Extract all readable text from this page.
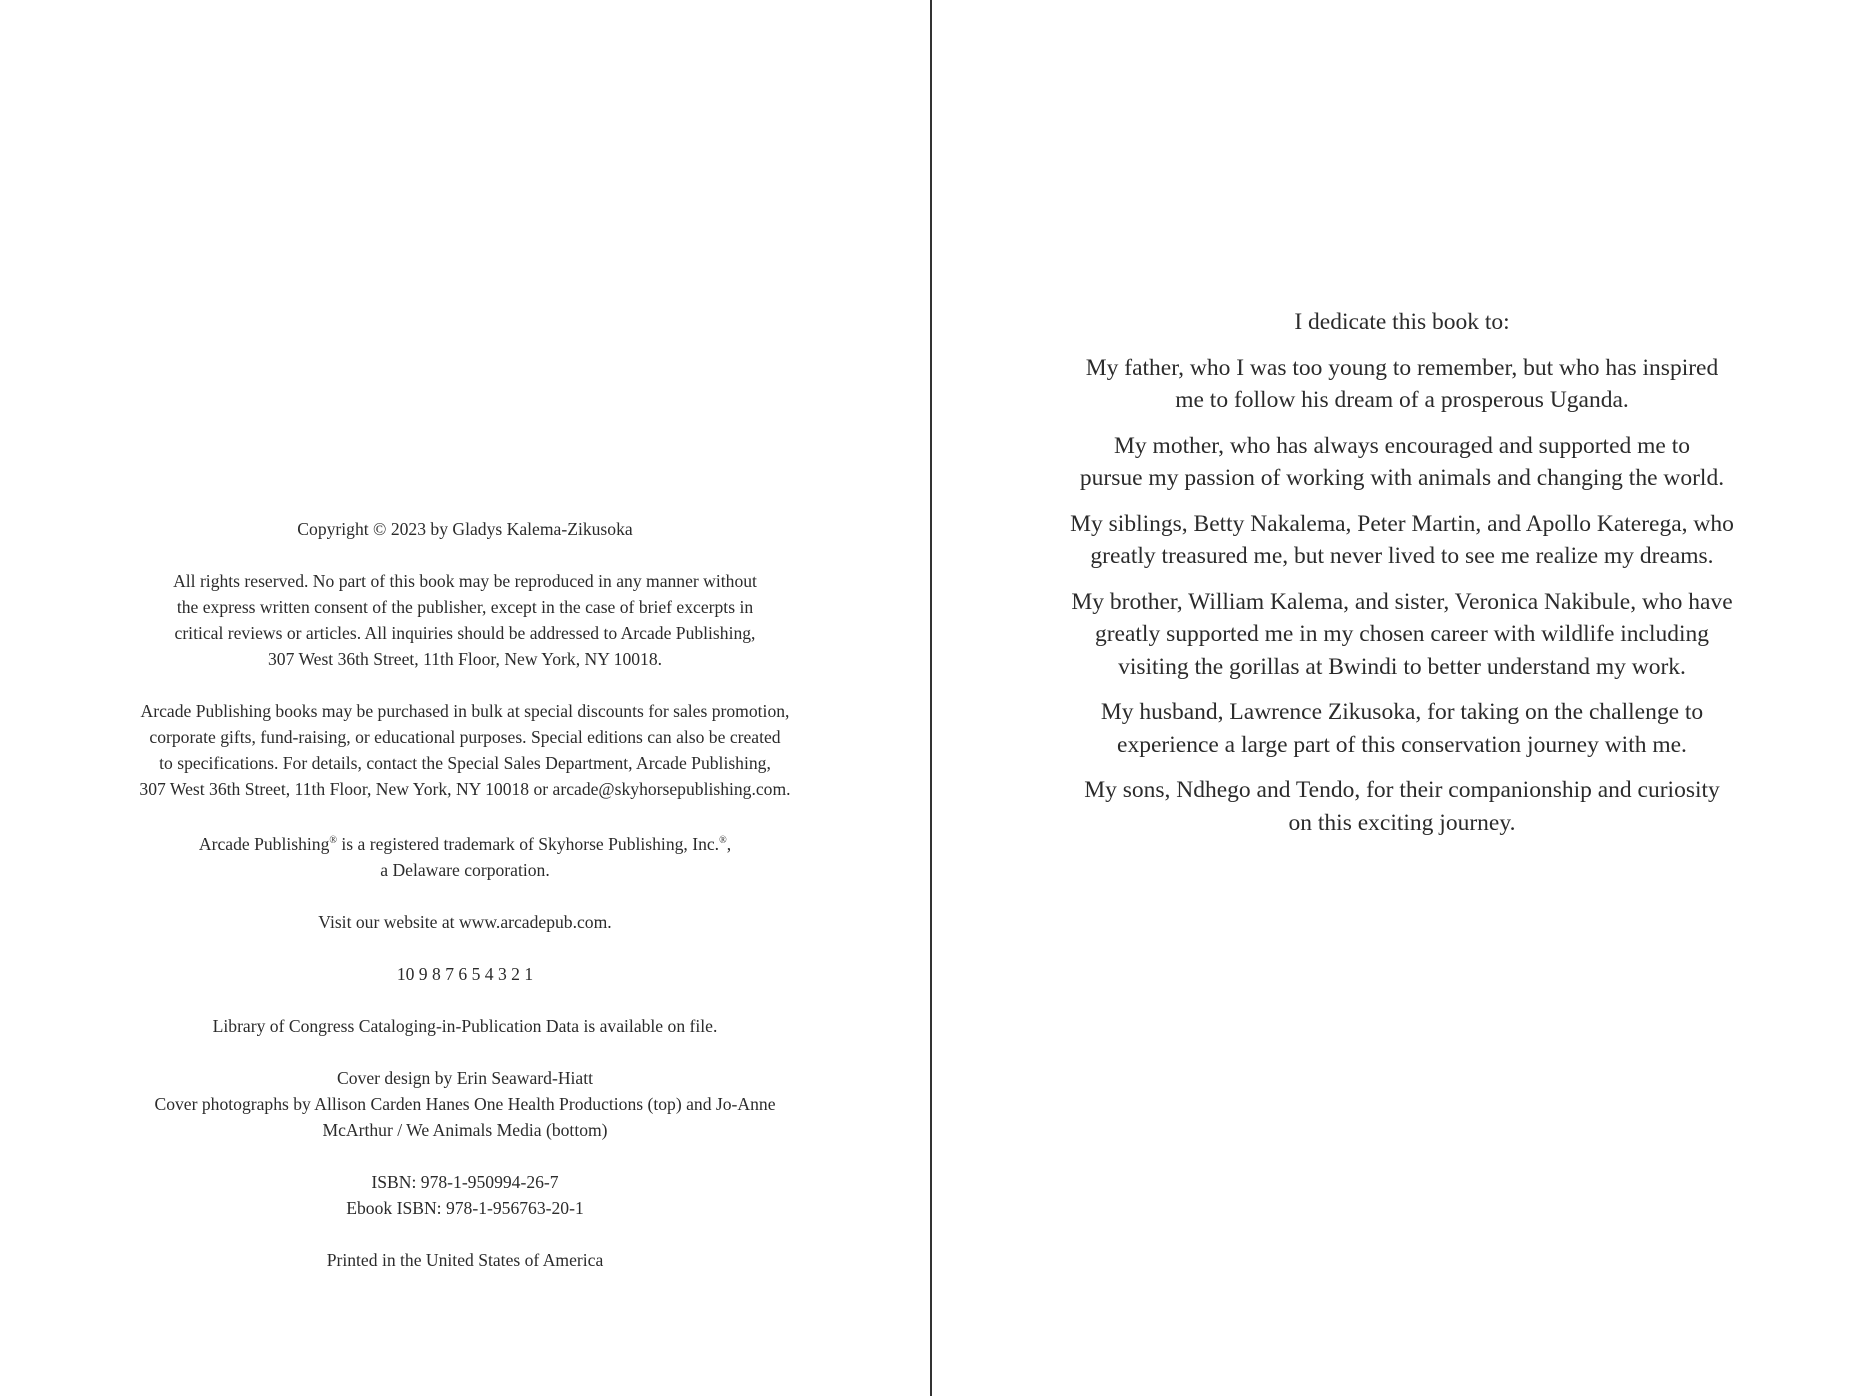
Copyright © 2023 by Gladys Kalema-Zikusoka

All rights reserved. No part of this book may be reproduced in any manner without
the express written consent of the publisher, except in the case of brief excerpts in
critical reviews or articles. All inquiries should be addressed to Arcade Publishing,
307 West 36th Street, 11th Floor, New York, NY 10018.

Arcade Publishing books may be purchased in bulk at special discounts for sales promotion,
corporate gifts, fund-raising, or educational purposes. Special editions can also be created
to specifications. For details, contact the Special Sales Department, Arcade Publishing,
307 West 36th Street, 11th Floor, New York, NY 10018 or arcade@skyhorsepublishing.com.

Arcade Publishing® is a registered trademark of Skyhorse Publishing, Inc.®,
a Delaware corporation.

Visit our website at www.arcadepub.com.

10 9 8 7 6 5 4 3 2 1

Library of Congress Cataloging-in-Publication Data is available on file.

Cover design by Erin Seaward-Hiatt
Cover photographs by Allison Carden Hanes One Health Productions (top) and Jo-Anne
McArthur / We Animals Media (bottom)

ISBN: 978-1-950994-26-7
Ebook ISBN: 978-1-956763-20-1

Printed in the United States of America

I dedicate this book to:

My father, who I was too young to remember, but who has inspired
me to follow his dream of a prosperous Uganda.

My mother, who has always encouraged and supported me to
pursue my passion of working with animals and changing the world.

My siblings, Betty Nakalema, Peter Martin, and Apollo Kateregа, who
greatly treasured me, but never lived to see me realize my dreams.

My brother, William Kalema, and sister, Veronica Nakibule, who have
greatly supported me in my chosen career with wildlife including
visiting the gorillas at Bwindi to better understand my work.

My husband, Lawrence Zikusoka, for taking on the challenge to
experience a large part of this conservation journey with me.

My sons, Ndhego and Tendo, for their companionship and curiosity
on this exciting journey.
